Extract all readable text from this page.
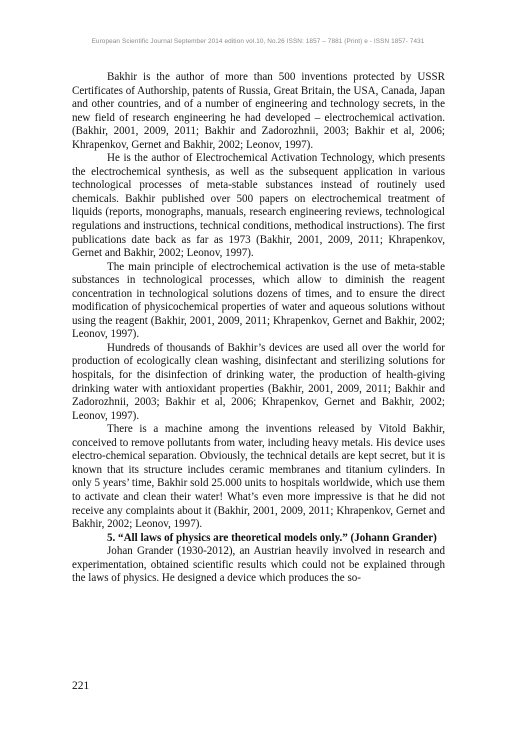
European Scientific Journal September 2014 edition vol.10, No.26 ISSN: 1857 – 7881 (Print) e - ISSN 1857- 7431

Bakhir is the author of more than 500 inventions protected by USSR Certificates of Authorship, patents of Russia, Great Britain, the USA, Canada, Japan and other countries, and of a number of engineering and technology secrets, in the new field of research engineering he had developed – electrochemical activation. (Bakhir, 2001, 2009, 2011; Bakhir and Zadorozhnii, 2003; Bakhir et al, 2006; Khrapenkov, Gernet and Bakhir, 2002; Leonov, 1997).

He is the author of Electrochemical Activation Technology, which presents the electrochemical synthesis, as well as the subsequent application in various technological processes of meta-stable substances instead of routinely used chemicals. Bakhir published over 500 papers on electrochemical treatment of liquids (reports, monographs, manuals, research engineering reviews, technological regulations and instructions, technical conditions, methodical instructions). The first publications date back as far as 1973 (Bakhir, 2001, 2009, 2011; Khrapenkov, Gernet and Bakhir, 2002; Leonov, 1997).

The main principle of electrochemical activation is the use of meta-stable substances in technological processes, which allow to diminish the reagent concentration in technological solutions dozens of times, and to ensure the direct modification of physicochemical properties of water and aqueous solutions without using the reagent (Bakhir, 2001, 2009, 2011; Khrapenkov, Gernet and Bakhir, 2002; Leonov, 1997).

Hundreds of thousands of Bakhir’s devices are used all over the world for production of ecologically clean washing, disinfectant and sterilizing solutions for hospitals, for the disinfection of drinking water, the production of health-giving drinking water with antioxidant properties (Bakhir, 2001, 2009, 2011; Bakhir and Zadorozhnii, 2003; Bakhir et al, 2006; Khrapenkov, Gernet and Bakhir, 2002; Leonov, 1997).

There is a machine among the inventions released by Vitold Bakhir, conceived to remove pollutants from water, including heavy metals. His device uses electro-chemical separation. Obviously, the technical details are kept secret, but it is known that its structure includes ceramic membranes and titanium cylinders. In only 5 years’ time, Bakhir sold 25.000 units to hospitals worldwide, which use them to activate and clean their water! What’s even more impressive is that he did not receive any complaints about it (Bakhir, 2001, 2009, 2011; Khrapenkov, Gernet and Bakhir, 2002; Leonov, 1997).

5. “All laws of physics are theoretical models only.” (Johann Grander)

Johan Grander (1930-2012), an Austrian heavily involved in research and experimentation, obtained scientific results which could not be explained through the laws of physics. He designed a device which produces the so-

221
